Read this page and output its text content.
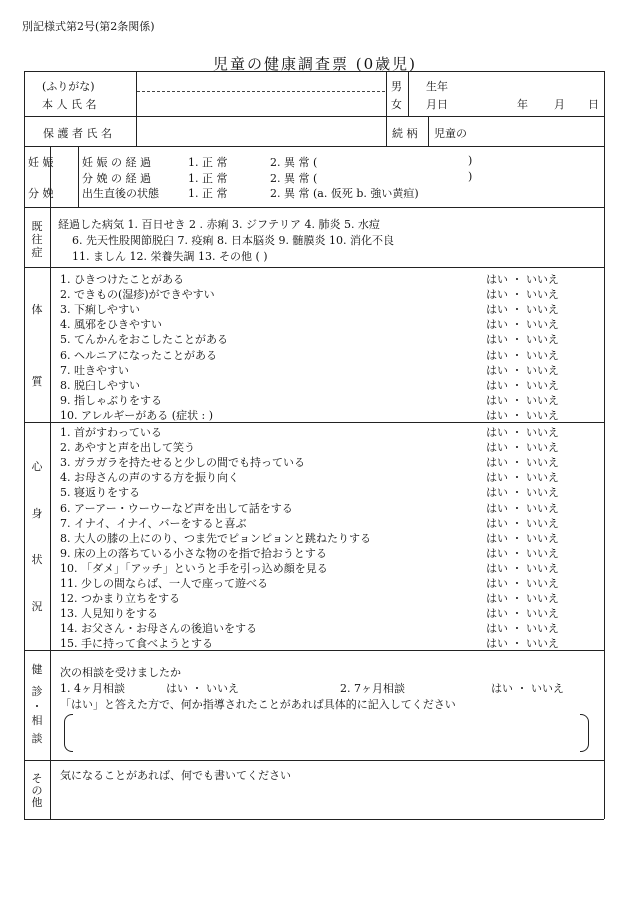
別記様式第2号(第2条関係)
児童の健康調査票 (0歳児)
(ふりがな)
本 人 氏 名
男
女
生年
月日	年 月 日
保 護 者 氏 名	続 柄 児童の
妊 娠
分 娩
妊 娠 の 経 過	1. 正 常	2. 異 常 (	)
分 娩 の 経 過	1. 正 常	2. 異 常 (	)
出生直後の状態	1. 正 常	2. 異 常 (a. 仮死 b. 強い黄疸)
既往症
経過した病気 1. 百日せき 2 . 赤痢 3. ジフテリア 4. 肺炎 5. 水痘
6. 先天性股関節脱臼 7. 疫痢 8. 日本脳炎 9. 髄膜炎 10. 消化不良
11. ましん 12. 栄養失調 13. その他 ( )
体
質
1. ひきつけたことがある	はい ・ いいえ
2. できもの(湿疹)ができやすい	はい ・ いいえ
3. 下痢しやすい	はい ・ いいえ
4. 風邪をひきやすい	はい ・ いいえ
5. てんかんをおこしたことがある	はい ・ いいえ
6. ヘルニアになったことがある	はい ・ いいえ
7. 吐きやすい	はい ・ いいえ
8. 脱臼しやすい	はい ・ いいえ
9. 指しゃぶりをする	はい ・ いいえ
10. アレルギーがある (症状 : )	はい ・ いいえ
心
身
状
況
1. 首がすわっている	はい ・ いいえ
2. あやすと声を出して笑う	はい ・ いいえ
3. ガラガラを持たせると少しの間でも持っている	はい ・ いいえ
4. お母さんの声のする方を振り向く	はい ・ いいえ
5. 寝返りをする	はい ・ いいえ
6. アーアー・ウーウーなど声を出して話をする	はい ・ いいえ
7. イナイ、イナイ、バーをすると喜ぶ	はい ・ いいえ
8. 大人の膝の上にのり、つま先でピョンピョンと跳ねたりする	はい ・ いいえ
9. 床の上の落ちている小さな物のを指で拾おうとする	はい ・ いいえ
10. 「ダメ」「アッチ」というと手を引っ込め顔を見る	はい ・ いいえ
11. 少しの間ならば、一人で座って遊べる	はい ・ いいえ
12. つかまり立ちをする	はい ・ いいえ
13. 人見知りをする	はい ・ いいえ
14. お父さん・お母さんの後追いをする	はい ・ いいえ
15. 手に持って食べようとする	はい ・ いいえ
健
診
・
相
談
次の相談を受けましたか
1. 4ヶ月相談	はい ・ いいえ	2. 7ヶ月相談	はい ・ いいえ
「はい」と答えた方で、何か指導されたことがあれば具体的に記入してください
そ
の
他
気になることがあれば、何でも書いてください
